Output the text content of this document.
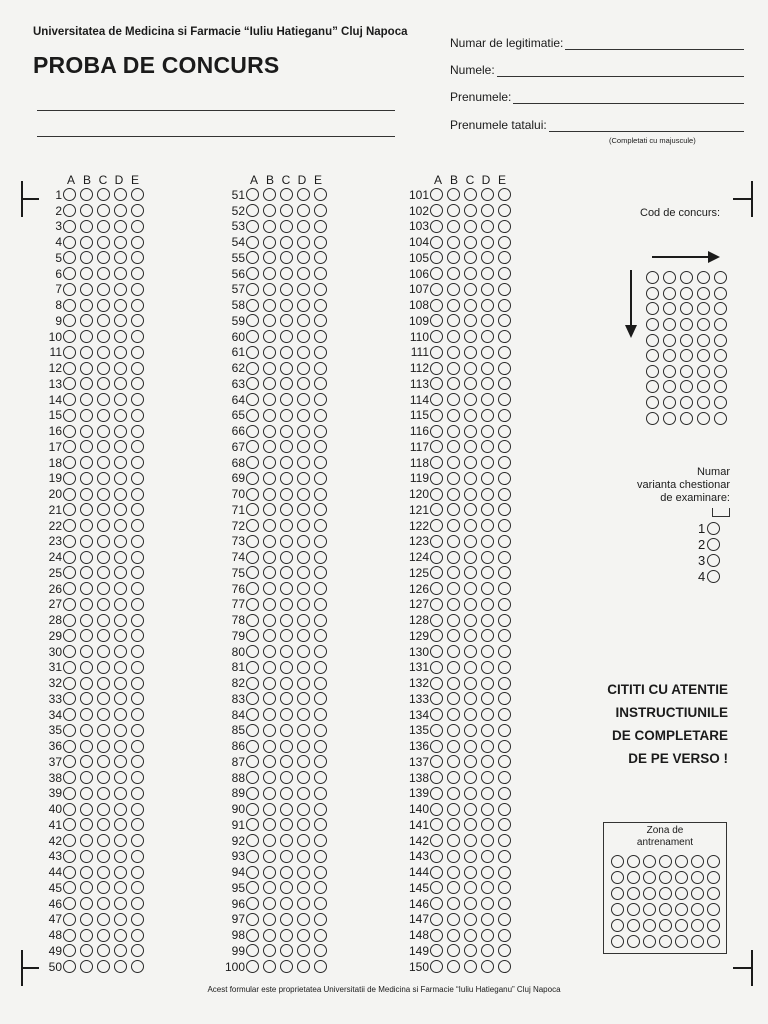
Universitatea de Medicina si Farmacie “Iuliu Hatieganu” Cluj Napoca
PROBA DE CONCURS
Numar de legitimatie:
Numele:
Prenumele:
Prenumele tatalui:
(Completati cu majuscule)
A B C D E
1
2
3
4
5
6
7
8
9
10
11
12
13
14
15
16
17
18
19
20
21
22
23
24
25
26
27
28
29
30
31
32
33
34
35
36
37
38
39
40
41
42
43
44
45
46
47
48
49
50
A B C D E
51
52
53
54
55
56
57
58
59
60
61
62
63
64
65
66
67
68
69
70
71
72
73
74
75
76
77
78
79
80
81
82
83
84
85
86
87
88
89
90
91
92
93
94
95
96
97
98
99
100
A B C D E
101
102
103
104
105
106
107
108
109
110
111
112
113
114
115
116
117
118
119
120
121
122
123
124
125
126
127
128
129
130
131
132
133
134
135
136
137
138
139
140
141
142
143
144
145
146
147
148
149
150
Cod de concurs:
Numar
varianta chestionar
de examinare:
1
2
3
4
CITITI CU ATENTIE
INSTRUCTIUNILE
DE COMPLETARE
DE PE VERSO !
Zona de
antrenament
Acest formular este proprietatea Universitatii de Medicina si Farmacie “Iuliu Hatieganu” Cluj Napoca
